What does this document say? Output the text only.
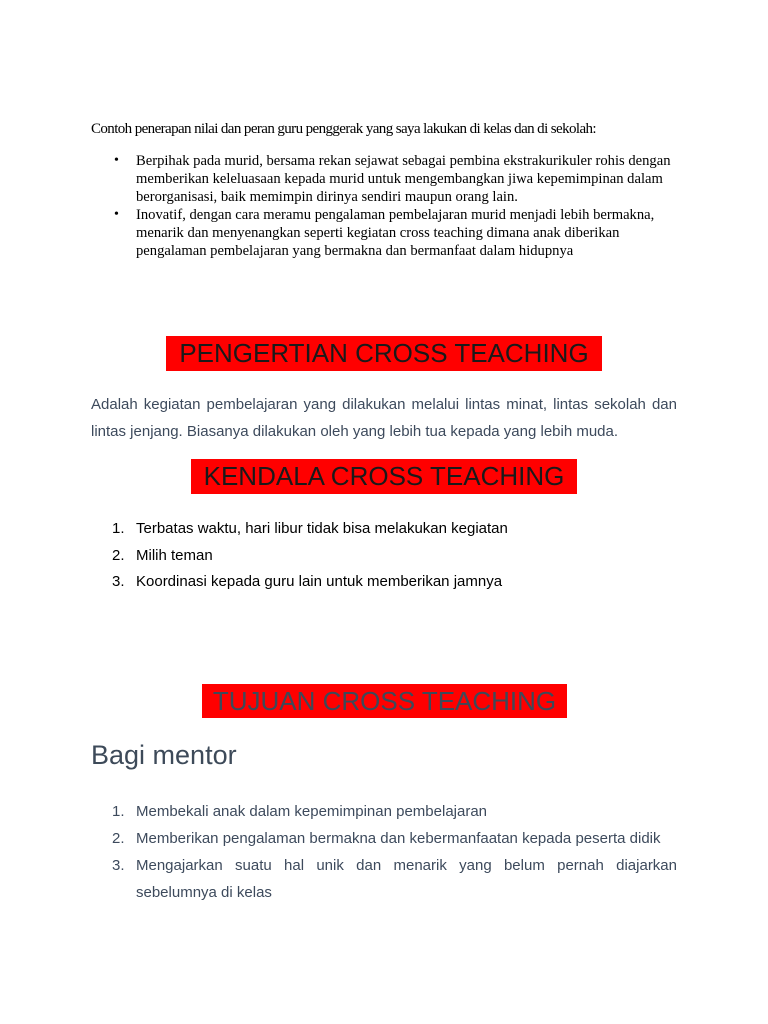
Contoh penerapan nilai dan peran guru penggerak yang saya lakukan di kelas dan di sekolah:
• Berpihak pada murid, bersama rekan sejawat sebagai pembina ekstrakurikuler rohis dengan memberikan keleluasaan kepada murid untuk mengembangkan jiwa kepemimpinan dalam berorganisasi, baik memimpin dirinya sendiri maupun orang lain.
• Inovatif, dengan cara meramu pengalaman pembelajaran murid menjadi lebih bermakna, menarik dan menyenangkan seperti kegiatan cross teaching dimana anak diberikan pengalaman pembelajaran yang bermakna dan bermanfaat dalam hidupnya
PENGERTIAN CROSS TEACHING
Adalah kegiatan pembelajaran yang dilakukan melalui lintas minat, lintas sekolah dan lintas jenjang. Biasanya dilakukan oleh yang lebih tua kepada yang lebih muda.
KENDALA CROSS TEACHING
1. Terbatas waktu, hari libur tidak bisa melakukan kegiatan
2. Milih teman
3. Koordinasi kepada guru lain untuk memberikan jamnya
TUJUAN CROSS TEACHING
Bagi mentor
1. Membekali anak dalam kepemimpinan pembelajaran
2. Memberikan pengalaman bermakna dan kebermanfaatan kepada peserta didik
3. Mengajarkan suatu hal unik dan menarik yang belum pernah diajarkan sebelumnya di kelas
